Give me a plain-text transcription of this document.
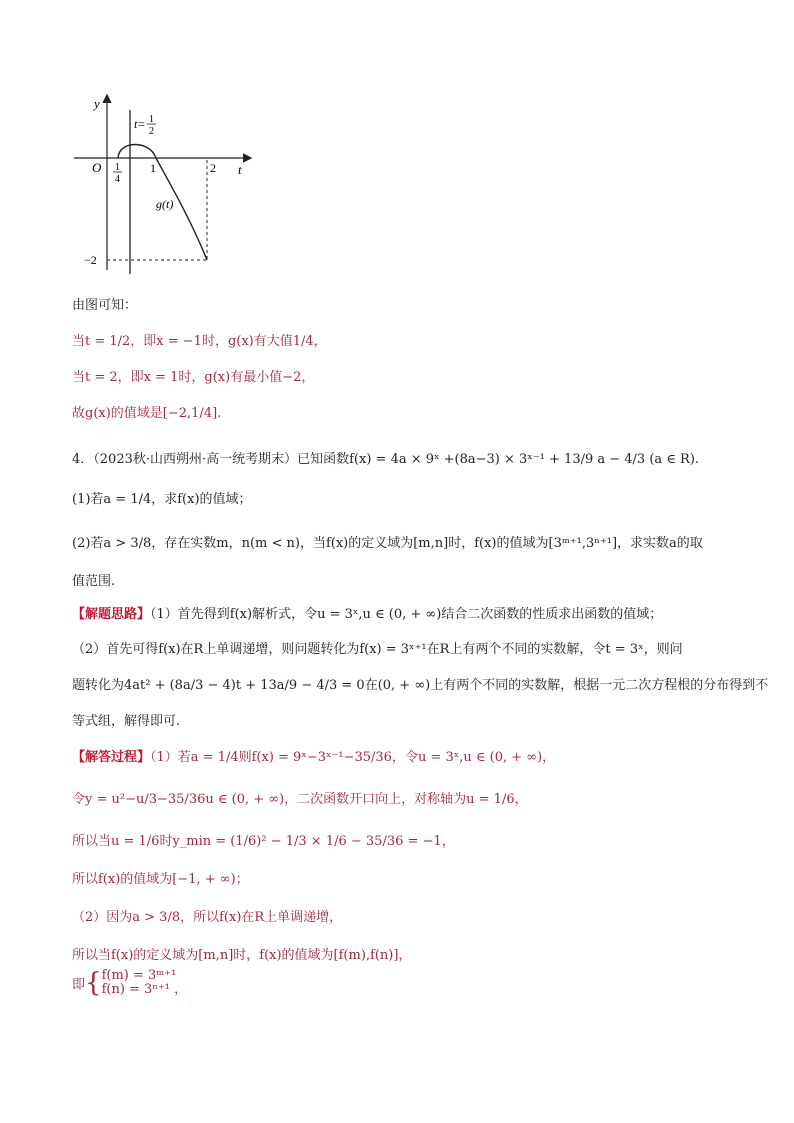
y
t
O
t= 1
2
1
4
1	2
−2
g(t)
由图可知：
当t = 1/2，即x = −1时，g(x)有大值1/4，
当t = 2，即x = 1时，g(x)有最小值−2，
故g(x)的值域是[−2,1/4].
4．（2023秋·山西朔州·高一统考期末）已知函数f(x) = 4a × 9ˣ +(8a−3) × 3ˣ⁻¹ + 13/9 a − 4/3 (a ∈ R).
(1)若a = 1/4，求f(x)的值域；
(2)若a > 3/8，存在实数m，n(m < n)，当f(x)的定义域为[m,n]时，f(x)的值域为[3ᵐ⁺¹,3ⁿ⁺¹]，求实数a的取
值范围.
【解题思路】（1）首先得到f(x)解析式，令u = 3ˣ,u ∈ (0, + ∞)结合二次函数的性质求出函数的值域；
（2）首先可得f(x)在R上单调递增，则问题转化为f(x) = 3ˣ⁺¹在R上有两个不同的实数解，令t = 3ˣ，则问
题转化为4at² + (8a/3 − 4)t + 13a/9 − 4/3 = 0在(0, + ∞)上有两个不同的实数解，根据一元二次方程根的分布得到不
等式组，解得即可.
【解答过程】（1）若a = 1/4则f(x) = 9ˣ−3ˣ⁻¹−35/36，令u = 3ˣ,u ∈ (0, + ∞)，
令y = u²−u/3−35/36u ∈ (0, + ∞)，二次函数开口向上，对称轴为u = 1/6，
所以当u = 1/6时y_min = (1/6)² − 1/3 × 1/6 − 35/36 = −1，
所以f(x)的值域为[−1, + ∞)；
（2）因为a > 3/8，所以f(x)在R上单调递增，
所以当f(x)的定义域为[m,n]时，f(x)的值域为[f(m),f(n)]，
即{ f(m) = 3ᵐ⁺¹
f(n) = 3ⁿ⁺¹ ，
